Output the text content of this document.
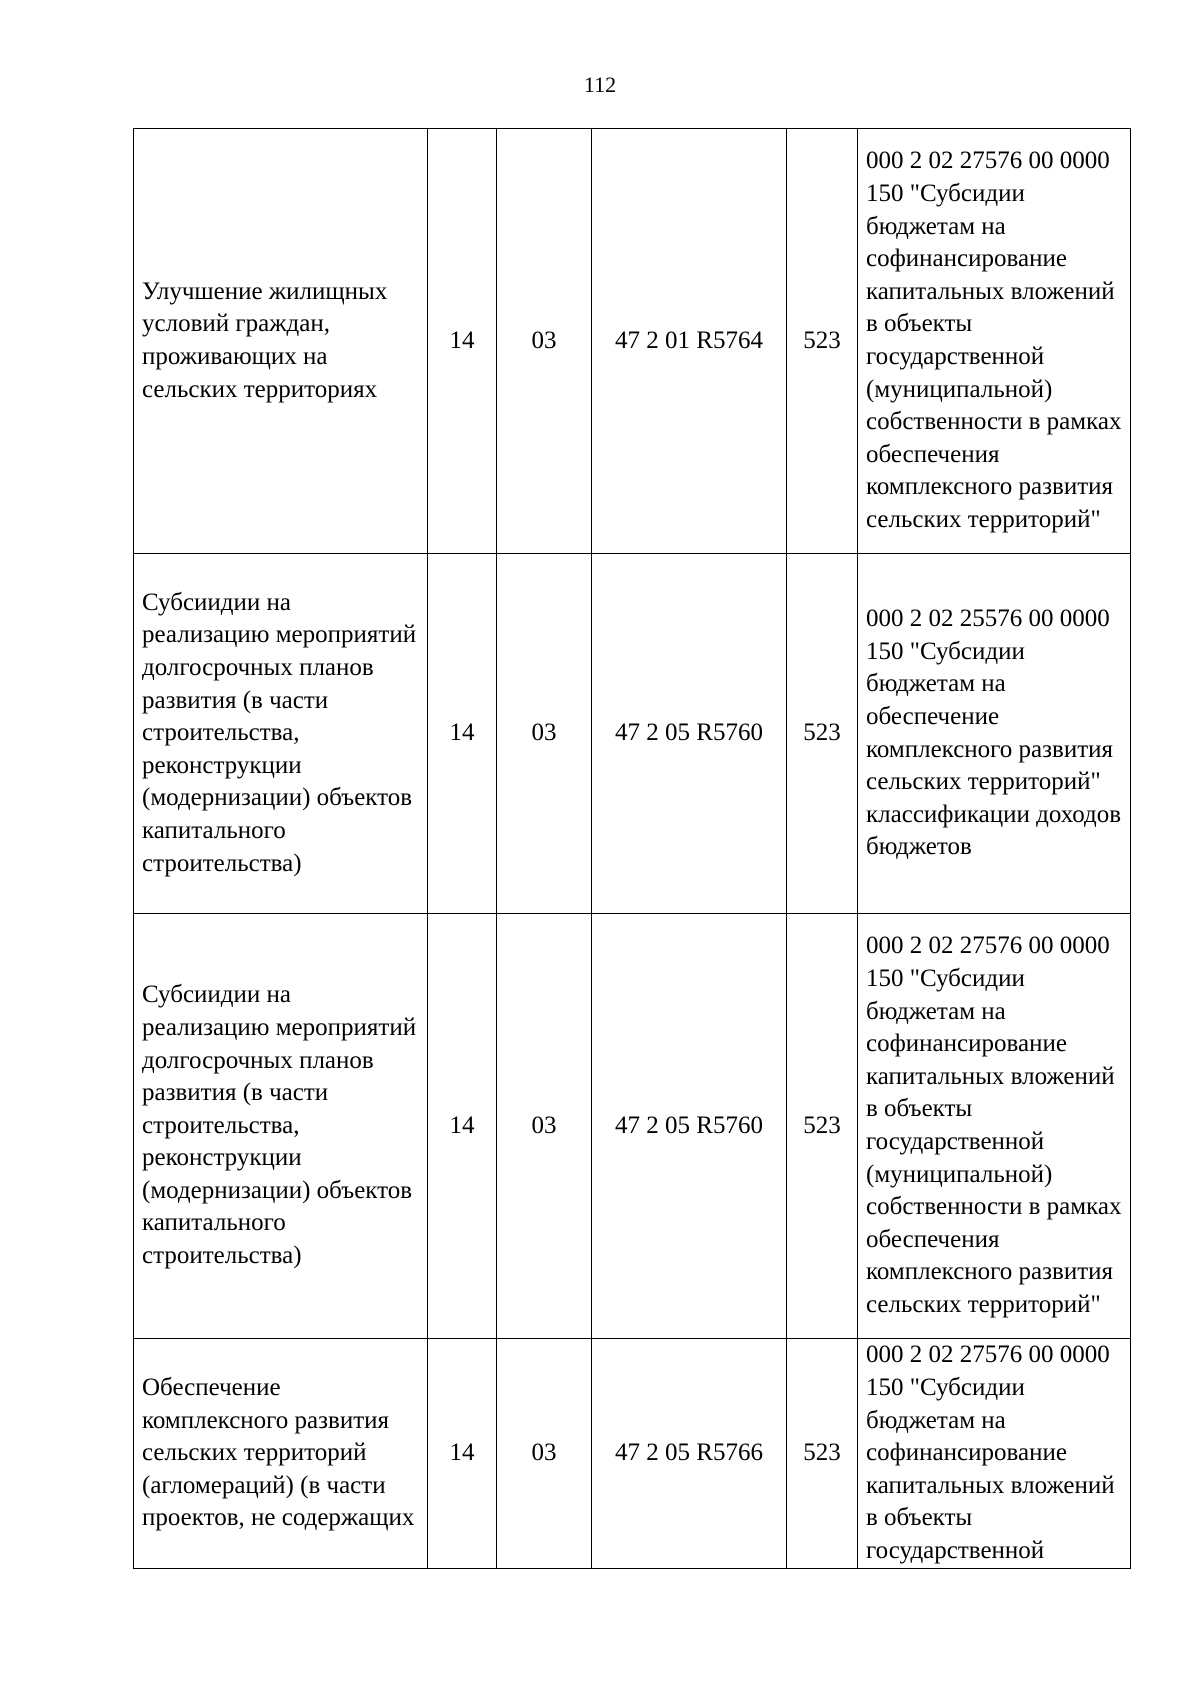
112
Улучшение жилищных условий граждан, проживающих на сельских территориях	14	03	47 2 01 R5764	523	000 2 02 27576 00 0000 150 "Субсидии бюджетам на софинансирование капитальных вложений в объекты государственной (муниципальной) собственности в рамках обеспечения комплексного развития сельских территорий"
Субсиидии на реализацию мероприятий долгосрочных планов развития (в части строительства, реконструкции (модернизации) объектов капитального строительства)	14	03	47 2 05 R5760	523	000 2 02 25576 00 0000 150 "Субсидии бюджетам на обеспечение комплексного развития сельских территорий" классификации доходов бюджетов
Субсиидии на реализацию мероприятий долгосрочных планов развития (в части строительства, реконструкции (модернизации) объектов капитального строительства)	14	03	47 2 05 R5760	523	000 2 02 27576 00 0000 150 "Субсидии бюджетам на софинансирование капитальных вложений в объекты государственной (муниципальной) собственности в рамках обеспечения комплексного развития сельских территорий"
Обеспечение комплексного развития сельских территорий (агломераций) (в части проектов, не содержащих	14	03	47 2 05 R5766	523	000 2 02 27576 00 0000 150 "Субсидии бюджетам на софинансирование капитальных вложений в объекты государственной
